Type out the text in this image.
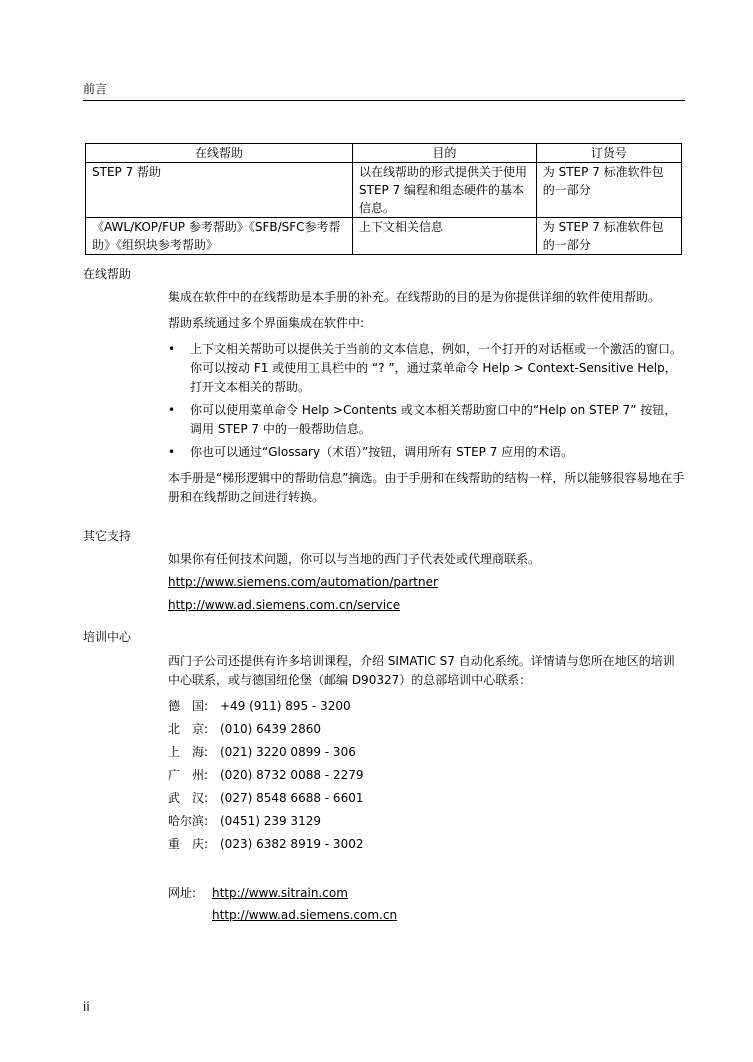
前言
在线帮助	目的	订货号
STEP 7 帮助	以在线帮助的形式提供关于使用STEP 7 编程和组态硬件的基本信息。	为 STEP 7 标准软件包的一部分
《AWL/KOP/FUP 参考帮助》《SFB/SFC参考帮助》《组织块参考帮助》	上下文相关信息	为 STEP 7 标准软件包的一部分
在线帮助

集成在软件中的在线帮助是本手册的补充。在线帮助的目的是为你提供详细的软件使用帮助。

帮助系统通过多个界面集成在软件中:

• 上下文相关帮助可以提供关于当前的文本信息，例如，一个打开的对话框或一个激活的窗口。你可以按动 F1 或使用工具栏中的 “? ”，通过菜单命令 Help > Context-Sensitive Help，打开文本相关的帮助。
• 你可以使用菜单命令 Help >Contents 或文本相关帮助窗口中的“Help on STEP 7” 按钮，调用 STEP 7 中的一般帮助信息。
• 你也可以通过“Glossary（术语）”按钮，调用所有 STEP 7 应用的术语。

本手册是“梯形逻辑中的帮助信息”摘选。由于手册和在线帮助的结构一样，所以能够很容易地在手册和在线帮助之间进行转换。

其它支持
如果你有任何技术问题，你可以与当地的西门子代表处或代理商联系。
http://www.siemens.com/automation/partner
http://www.ad.siemens.com.cn/service
培训中心

西门子公司还提供有许多培训课程，介绍 SIMATIC S7 自动化系统。详情请与您所在地区的培训中心联系，或与德国纽伦堡（邮编 D90327）的总部培训中心联系：

德　国: +49 (911) 895 - 3200
北　京: (010) 6439 2860
上　海: (021) 3220 0899 - 306
广　州: (020) 8732 0088 - 2279
武　汉: (027) 8548 6688 - 6601
哈尔滨: (0451) 239 3129
重　庆: (023) 6382 8919 - 3002
网址:	http://www.sitrain.com
http://www.ad.siemens.com.cn
ii
